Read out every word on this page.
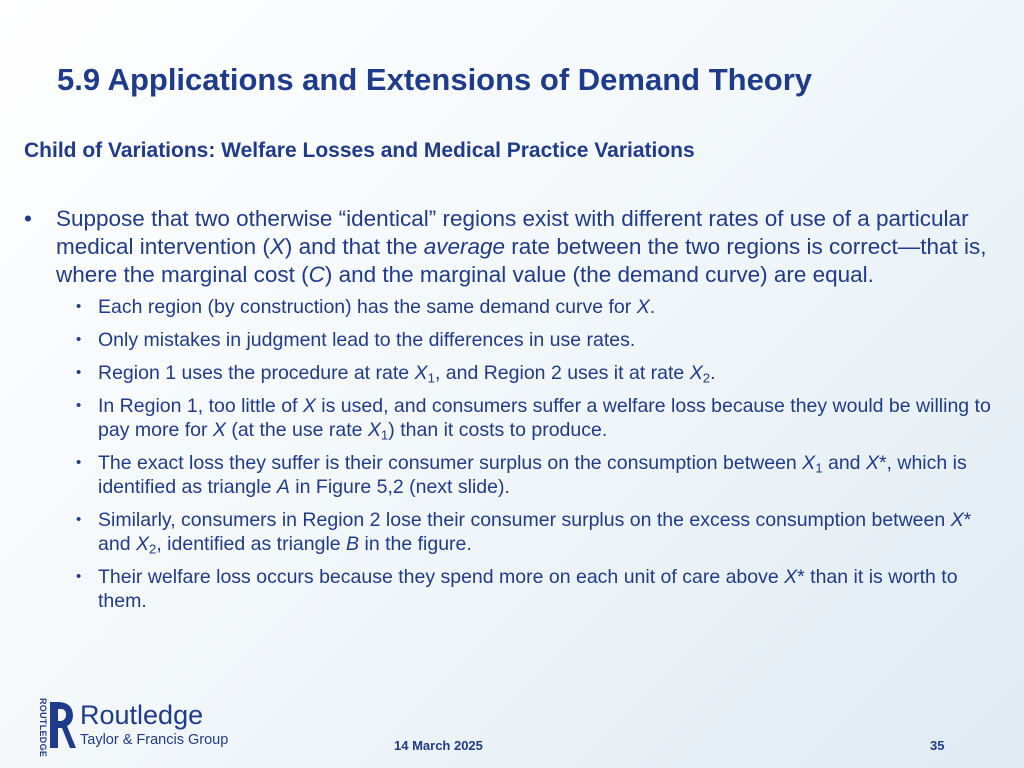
5.9 Applications and Extensions of Demand Theory
Child of Variations: Welfare Losses and Medical Practice Variations
• Suppose that two otherwise “identical” regions exist with different rates of use of a particular medical intervention (X) and that the average rate between the two regions is correct—that is, where the marginal cost (C) and the marginal value (the demand curve) are equal.
• Each region (by construction) has the same demand curve for X.
• Only mistakes in judgment lead to the differences in use rates.
• Region 1 uses the procedure at rate $X_1$, and Region 2 uses it at rate $X_2$.
• In Region 1, too little of X is used, and consumers suffer a welfare loss because they would be willing to pay more for X (at the use rate $X_1$) than it costs to produce.
• The exact loss they suffer is their consumer surplus on the consumption between $X_1$ and X*, which is identified as triangle A in Figure 5,2 (next slide).
• Similarly, consumers in Region 2 lose their consumer surplus on the excess consumption between X* and $X_2$, identified as triangle B in the figure.
• Their welfare loss occurs because they spend more on each unit of care above X* than it is worth to them.
ROUTLEDGE Routledge
Taylor & Francis Group	14 March 2025	35
